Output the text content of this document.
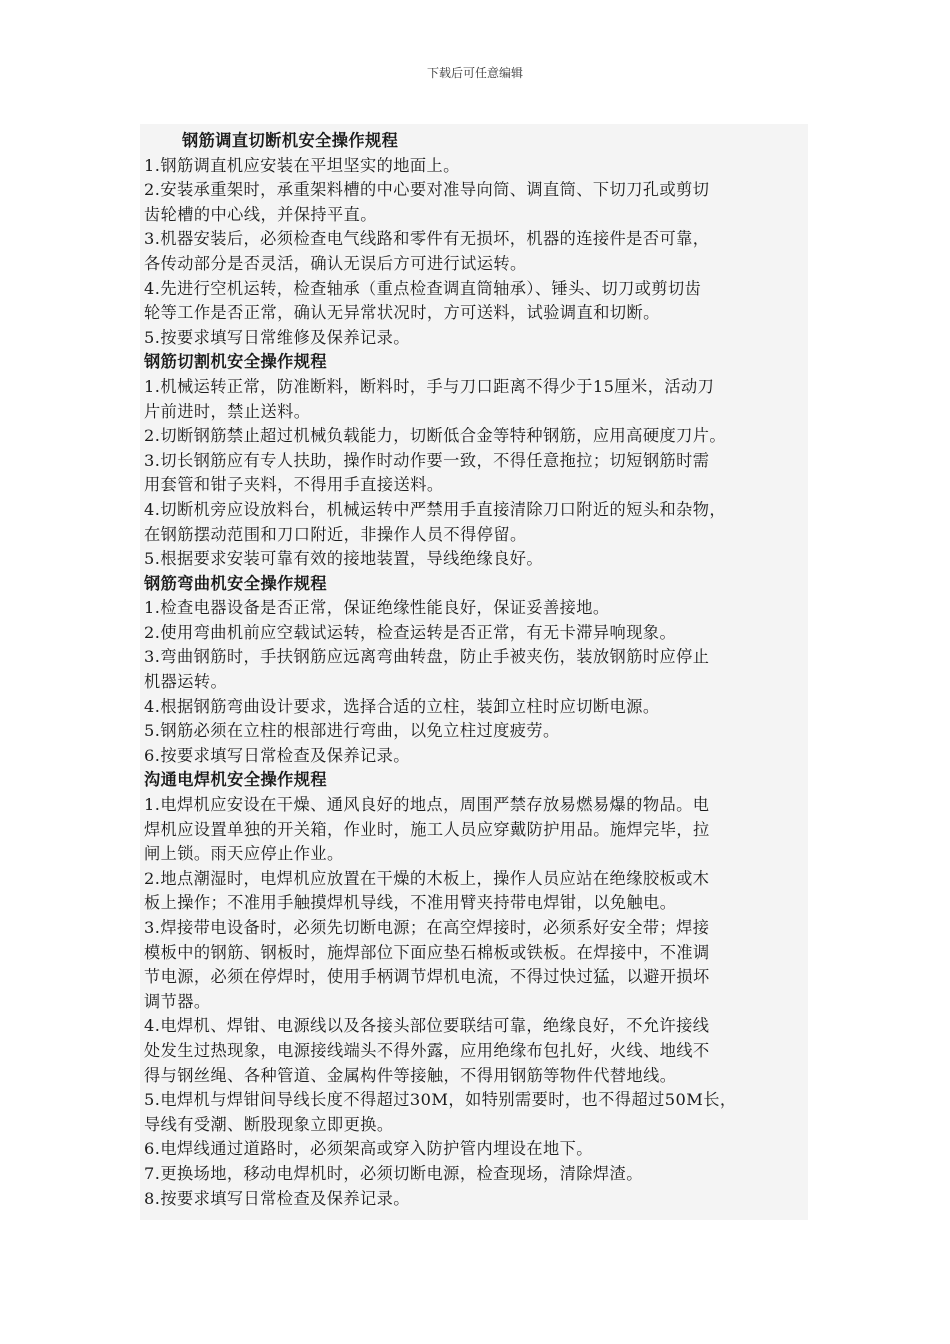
下载后可任意编辑
钢筋调直切断机安全操作规程
1.钢筋调直机应安装在平坦坚实的地面上。
2.安装承重架时，承重架料槽的中心要对准导向筒、调直筒、下切刀孔或剪切
齿轮槽的中心线，并保持平直。
3.机器安装后，必须检查电气线路和零件有无损坏，机器的连接件是否可靠，
各传动部分是否灵活，确认无误后方可进行试运转。
4.先进行空机运转，检查轴承（重点检查调直筒轴承）、锤头、切刀或剪切齿
轮等工作是否正常，确认无异常状况时，方可送料，试验调直和切断。
5.按要求填写日常维修及保养记录。
钢筋切割机安全操作规程
1.机械运转正常，防准断料，断料时，手与刀口距离不得少于15厘米，活动刀
片前进时，禁止送料。
2.切断钢筋禁止超过机械负载能力，切断低合金等特种钢筋，应用高硬度刀片。
3.切长钢筋应有专人扶助，操作时动作要一致，不得任意拖拉；切短钢筋时需
用套管和钳子夹料，不得用手直接送料。
4.切断机旁应设放料台，机械运转中严禁用手直接清除刀口附近的短头和杂物，
在钢筋摆动范围和刀口附近，非操作人员不得停留。
5.根据要求安装可靠有效的接地装置，导线绝缘良好。
钢筋弯曲机安全操作规程
1.检查电器设备是否正常，保证绝缘性能良好，保证妥善接地。
2.使用弯曲机前应空载试运转，检查运转是否正常，有无卡滞异响现象。
3.弯曲钢筋时，手扶钢筋应远离弯曲转盘，防止手被夹伤，装放钢筋时应停止
机器运转。
4.根据钢筋弯曲设计要求，选择合适的立柱，装卸立柱时应切断电源。
5.钢筋必须在立柱的根部进行弯曲，以免立柱过度疲劳。
6.按要求填写日常检查及保养记录。
沟通电焊机安全操作规程
1.电焊机应安设在干燥、通风良好的地点，周围严禁存放易燃易爆的物品。电
焊机应设置单独的开关箱，作业时，施工人员应穿戴防护用品。施焊完毕，拉
闸上锁。雨天应停止作业。
2.地点潮湿时，电焊机应放置在干燥的木板上，操作人员应站在绝缘胶板或木
板上操作；不准用手触摸焊机导线，不准用臂夹持带电焊钳，以免触电。
3.焊接带电设备时，必须先切断电源；在高空焊接时，必须系好安全带；焊接
模板中的钢筋、钢板时，施焊部位下面应垫石棉板或铁板。在焊接中，不准调
节电源，必须在停焊时，使用手柄调节焊机电流，不得过快过猛，以避开损坏
调节器。
4.电焊机、焊钳、电源线以及各接头部位要联结可靠，绝缘良好，不允许接线
处发生过热现象，电源接线端头不得外露，应用绝缘布包扎好，火线、地线不
得与钢丝绳、各种管道、金属构件等接触，不得用钢筋等物件代替地线。
5.电焊机与焊钳间导线长度不得超过30M，如特别需要时，也不得超过50M长，
导线有受潮、断股现象立即更换。
6.电焊线通过道路时，必须架高或穿入防护管内埋设在地下。
7.更换场地，移动电焊机时，必须切断电源，检查现场，清除焊渣。
8.按要求填写日常检查及保养记录。
